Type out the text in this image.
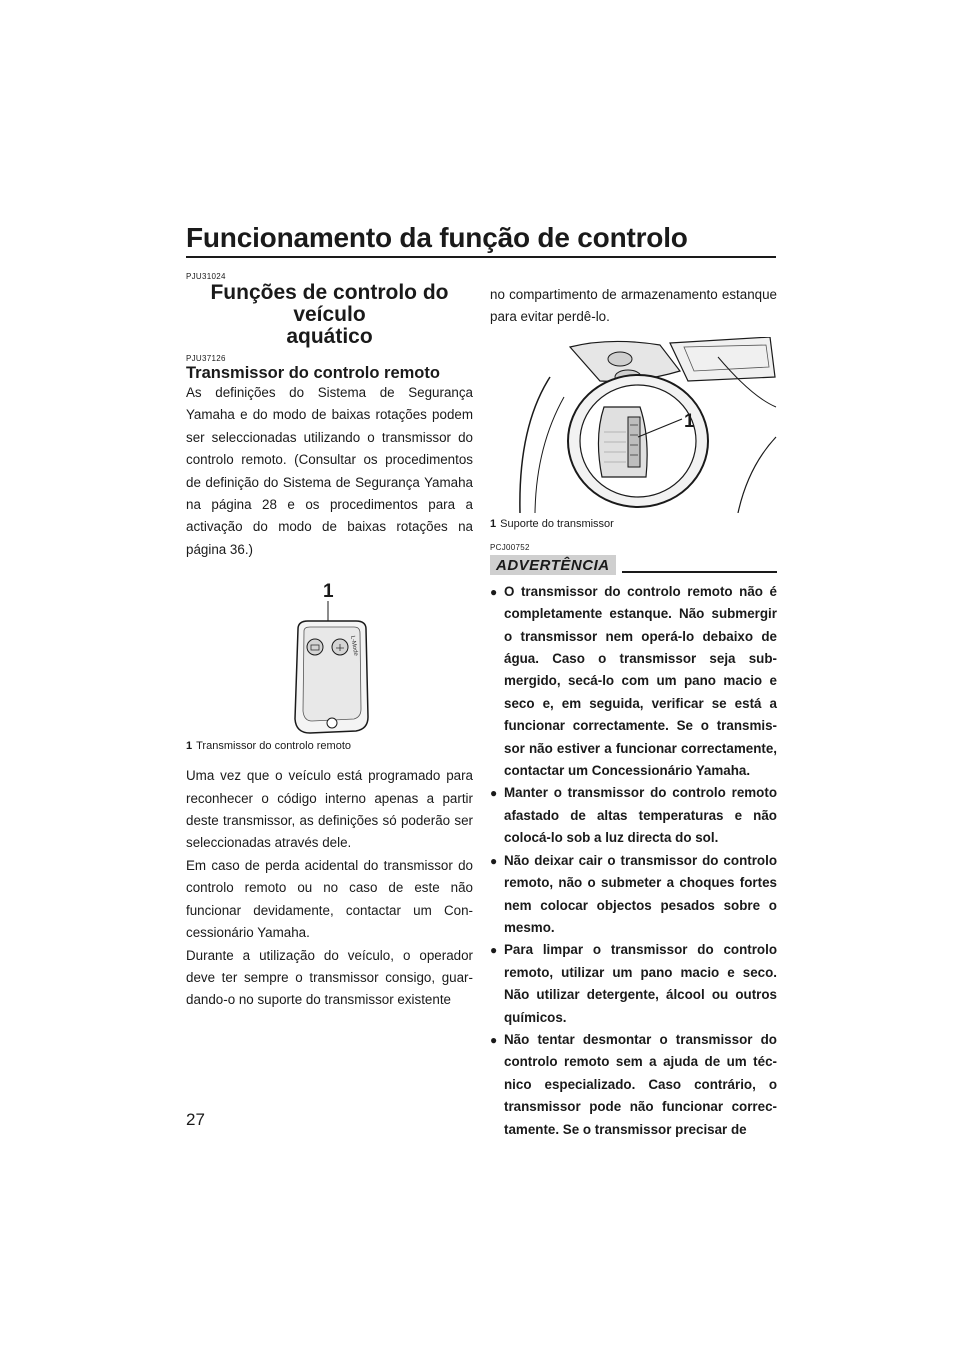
Funcionamento da função de controlo

PJU31024

Funções de controlo do veículo
aquático

PJU37126

Transmissor do controlo remoto

As definições do Sistema de Segurança Yamaha e do modo de baixas rotações podem ser seleccionadas utilizando o transmissor do controlo remoto. (Consultar os procedimentos de definição do Sistema de Segurança Yamaha na página 28 e os procedimentos para a activação do modo de baixas rotações na página 36.)

1
L-Mode

1 Transmissor do controlo remoto

Uma vez que o veículo está programado para reconhecer o código interno apenas a partir deste transmissor, as definições só poderão ser seleccionadas através dele.

Em caso de perda acidental do transmissor do controlo remoto ou no caso de este não funcionar devidamente, contactar um Concessionário Yamaha.

Durante a utilização do veículo, o operador deve ter sempre o transmissor consigo, guardando-o no suporte do transmissor existente

no compartimento de armazenamento estanque para evitar perdê-lo.

1

1 Suporte do transmissor

PCJ00752

ADVERTÊNCIA
● O transmissor do controlo remoto não é completamente estanque. Não submergir o transmissor nem operá-lo debaixo de água. Caso o transmissor seja submergido, secá-lo com um pano macio e seco e, em seguida, verificar se está a funcionar correctamente. Se o transmissor não estiver a funcionar correctamente, contactar um Concessionário Yamaha.
● Manter o transmissor do controlo remoto afastado de altas temperaturas e não colocá-lo sob a luz directa do sol.
● Não deixar cair o transmissor do controlo remoto, não o submeter a choques fortes nem colocar objectos pesados sobre o mesmo.
● Para limpar o transmissor do controlo remoto, utilizar um pano macio e seco. Não utilizar detergente, álcool ou outros químicos.
● Não tentar desmontar o transmissor do controlo remoto sem a ajuda de um técnico especializado. Caso contrário, o transmissor pode não funcionar correctamente. Se o transmissor precisar de
27
